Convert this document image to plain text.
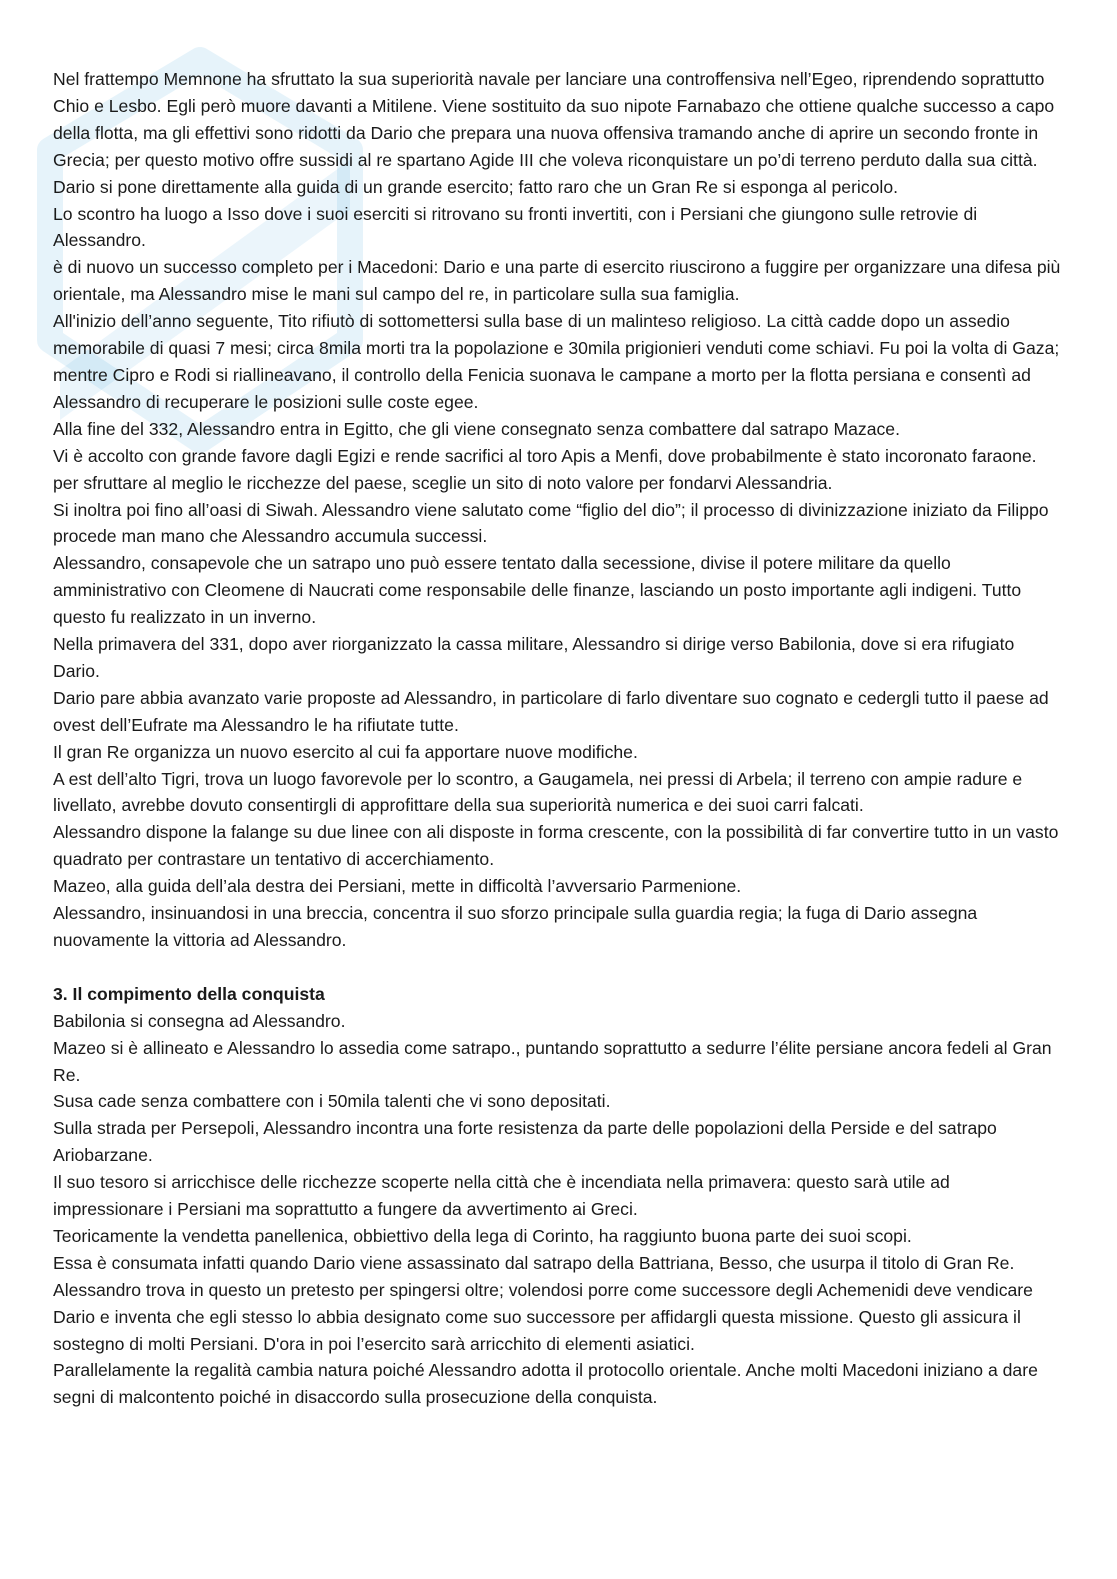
Nel frattempo Memnone ha sfruttato la sua superiorità navale per lanciare una controffensiva nell’Egeo, riprendendo soprattutto Chio e Lesbo. Egli però muore davanti a Mitilene. Viene sostituito da suo nipote Farnabazo che ottiene qualche successo a capo della flotta, ma gli effettivi sono ridotti da Dario che prepara una nuova offensiva tramando anche di aprire un secondo fronte in Grecia; per questo motivo offre sussidi al re spartano Agide III che voleva riconquistare un po’di terreno perduto dalla sua città.

Dario si pone direttamente alla guida di un grande esercito; fatto raro che un Gran Re si esponga al pericolo.

Lo scontro ha luogo a Isso dove i suoi eserciti si ritrovano su fronti invertiti, con i Persiani che giungono sulle retrovie di Alessandro.

è di nuovo un successo completo per i Macedoni: Dario e una parte di esercito riuscirono a fuggire per organizzare una difesa più orientale, ma Alessandro mise le mani sul campo del re, in particolare sulla sua famiglia.

All'inizio dell’anno seguente, Tito rifiutò di sottomettersi sulla base di un malinteso religioso. La città cadde dopo un assedio memorabile di quasi 7 mesi; circa 8mila morti tra la popolazione e 30mila prigionieri venduti come schiavi. Fu poi la volta di Gaza; mentre Cipro e Rodi si riallineavano, il controllo della Fenicia suonava le campane a morto per la flotta persiana e consentì ad Alessandro di recuperare le posizioni sulle coste egee.

Alla fine del 332, Alessandro entra in Egitto, che gli viene consegnato senza combattere dal satrapo Mazace.

Vi è accolto con grande favore dagli Egizi e rende sacrifici al toro Apis a Menfi, dove probabilmente è stato incoronato faraone.

per sfruttare al meglio le ricchezze del paese, sceglie un sito di noto valore per fondarvi Alessandria.

Si inoltra poi fino all’oasi di Siwah. Alessandro viene salutato come “figlio del dio”; il processo di divinizzazione iniziato da Filippo procede man mano che Alessandro accumula successi.

Alessandro, consapevole che un satrapo uno può essere tentato dalla secessione, divise il potere militare da quello amministrativo con Cleomene di Naucrati come responsabile delle finanze, lasciando un posto importante agli indigeni. Tutto questo fu realizzato in un inverno.

Nella primavera del 331, dopo aver riorganizzato la cassa militare, Alessandro si dirige verso Babilonia, dove si era rifugiato Dario.

Dario pare abbia avanzato varie proposte ad Alessandro, in particolare di farlo diventare suo cognato e cedergli tutto il paese ad ovest dell’Eufrate ma Alessandro le ha rifiutate tutte.

Il gran Re organizza un nuovo esercito al cui fa apportare nuove modifiche.

A est dell’alto Tigri, trova un luogo favorevole per lo scontro, a Gaugamela, nei pressi di Arbela; il terreno con ampie radure e livellato, avrebbe dovuto consentirgli di approfittare della sua superiorità numerica e dei suoi carri falcati.

Alessandro dispone la falange su due linee con ali disposte in forma crescente, con la possibilità di far convertire tutto in un vasto quadrato per contrastare un tentativo di accerchiamento.

Mazeo, alla guida dell’ala destra dei Persiani, mette in difficoltà l’avversario Parmenione.

Alessandro, insinuandosi in una breccia, concentra il suo sforzo principale sulla guardia regia; la fuga di Dario assegna nuovamente la vittoria ad Alessandro.

3. Il compimento della conquista

Babilonia si consegna ad Alessandro.

Mazeo si è allineato e Alessandro lo assedia come satrapo., puntando soprattutto a sedurre l’élite persiane ancora fedeli al Gran Re.

Susa cade senza combattere con i 50mila talenti che vi sono depositati.

Sulla strada per Persepoli, Alessandro incontra una forte resistenza da parte delle popolazioni della Perside e del satrapo Ariobarzane.

Il suo tesoro si arricchisce delle ricchezze scoperte nella città che è incendiata nella primavera: questo sarà utile ad impressionare i Persiani ma soprattutto a fungere da avvertimento ai Greci.

Teoricamente la vendetta panellenica, obbiettivo della lega di Corinto, ha raggiunto buona parte dei suoi scopi.

Essa è consumata infatti quando Dario viene assassinato dal satrapo della Battriana, Besso, che usurpa il titolo di Gran Re.

Alessandro trova in questo un pretesto per spingersi oltre; volendosi porre come successore degli Achemenidi deve vendicare Dario e inventa che egli stesso lo abbia designato come suo successore per affidargli questa missione. Questo gli assicura il sostegno di molti Persiani. D'ora in poi l’esercito sarà arricchito di elementi asiatici.

Parallelamente la regalità cambia natura poiché Alessandro adotta il protocollo orientale. Anche molti Macedoni iniziano a dare segni di malcontento poiché in disaccordo sulla prosecuzione della conquista.
